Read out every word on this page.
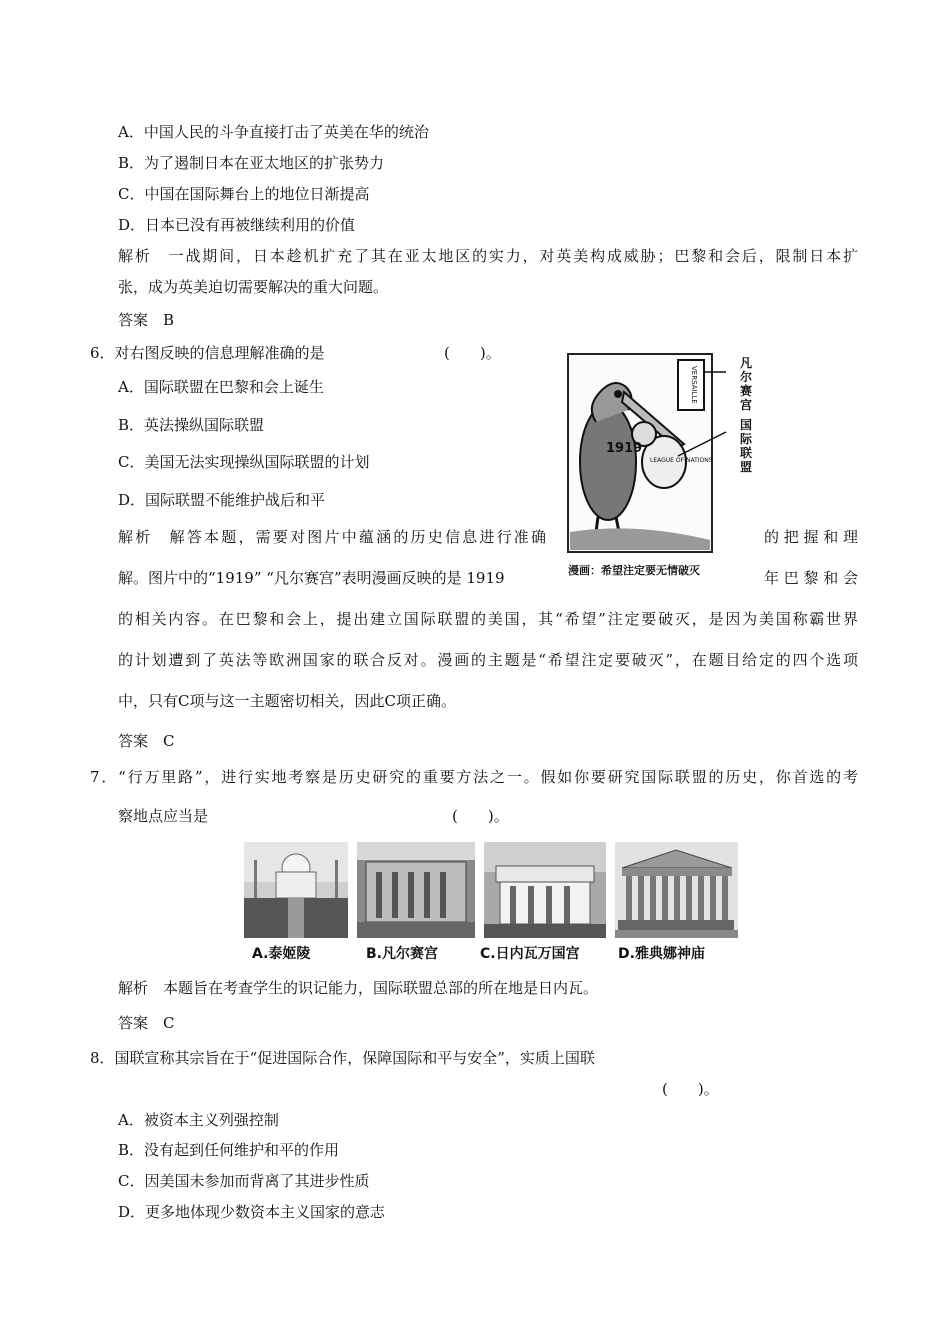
A．中国人民的斗争直接打击了英美在华的统治
B．为了遏制日本在亚太地区的扩张势力
C．中国在国际舞台上的地位日渐提高
D．日本已没有再被继续利用的价值
解析　一战期间，日本趁机扩充了其在亚太地区的实力，对英美构成威胁；巴黎和会后，限制日本扩
张，成为英美迫切需要解决的重大问题。
答案　B
6．对右图反映的信息理解准确的是	(　　)。
A．国际联盟在巴黎和会上诞生
B．英法操纵国际联盟
C．美国无法实现操纵国际联盟的计划
D．国际联盟不能维护战后和平
VERSAILLE
1919
LEAGUE OF NATIONS
凡尔赛宫
国际联盟
漫画：希望注定要无情破灭
解析　解答本题，需要对图片中蕴涵的历史信息进行准确	的把握和理
解。图片中的“1919” “凡尔赛宫”表明漫画反映的是 1919	年巴黎和会
的相关内容。在巴黎和会上，提出建立国际联盟的美国，其“希望”注定要破灭，是因为美国称霸世界
的计划遭到了英法等欧洲国家的联合反对。漫画的主题是“希望注定要破灭”，在题目给定的四个选项
中，只有C项与这一主题密切相关，因此C项正确。
答案　C
7．“行万里路”，进行实地考察是历史研究的重要方法之一。假如你要研究国际联盟的历史，你首选的考
察地点应当是	(　　)。
A.泰姬陵	B.凡尔赛宫	C.日内瓦万国宫	D.雅典娜神庙
解析　本题旨在考查学生的识记能力，国际联盟总部的所在地是日内瓦。
答案　C
8．国联宣称其宗旨在于“促进国际合作，保障国际和平与安全”，实质上国联
(　　)。
A．被资本主义列强控制
B．没有起到任何维护和平的作用
C．因美国未参加而背离了其进步性质
D．更多地体现少数资本主义国家的意志
